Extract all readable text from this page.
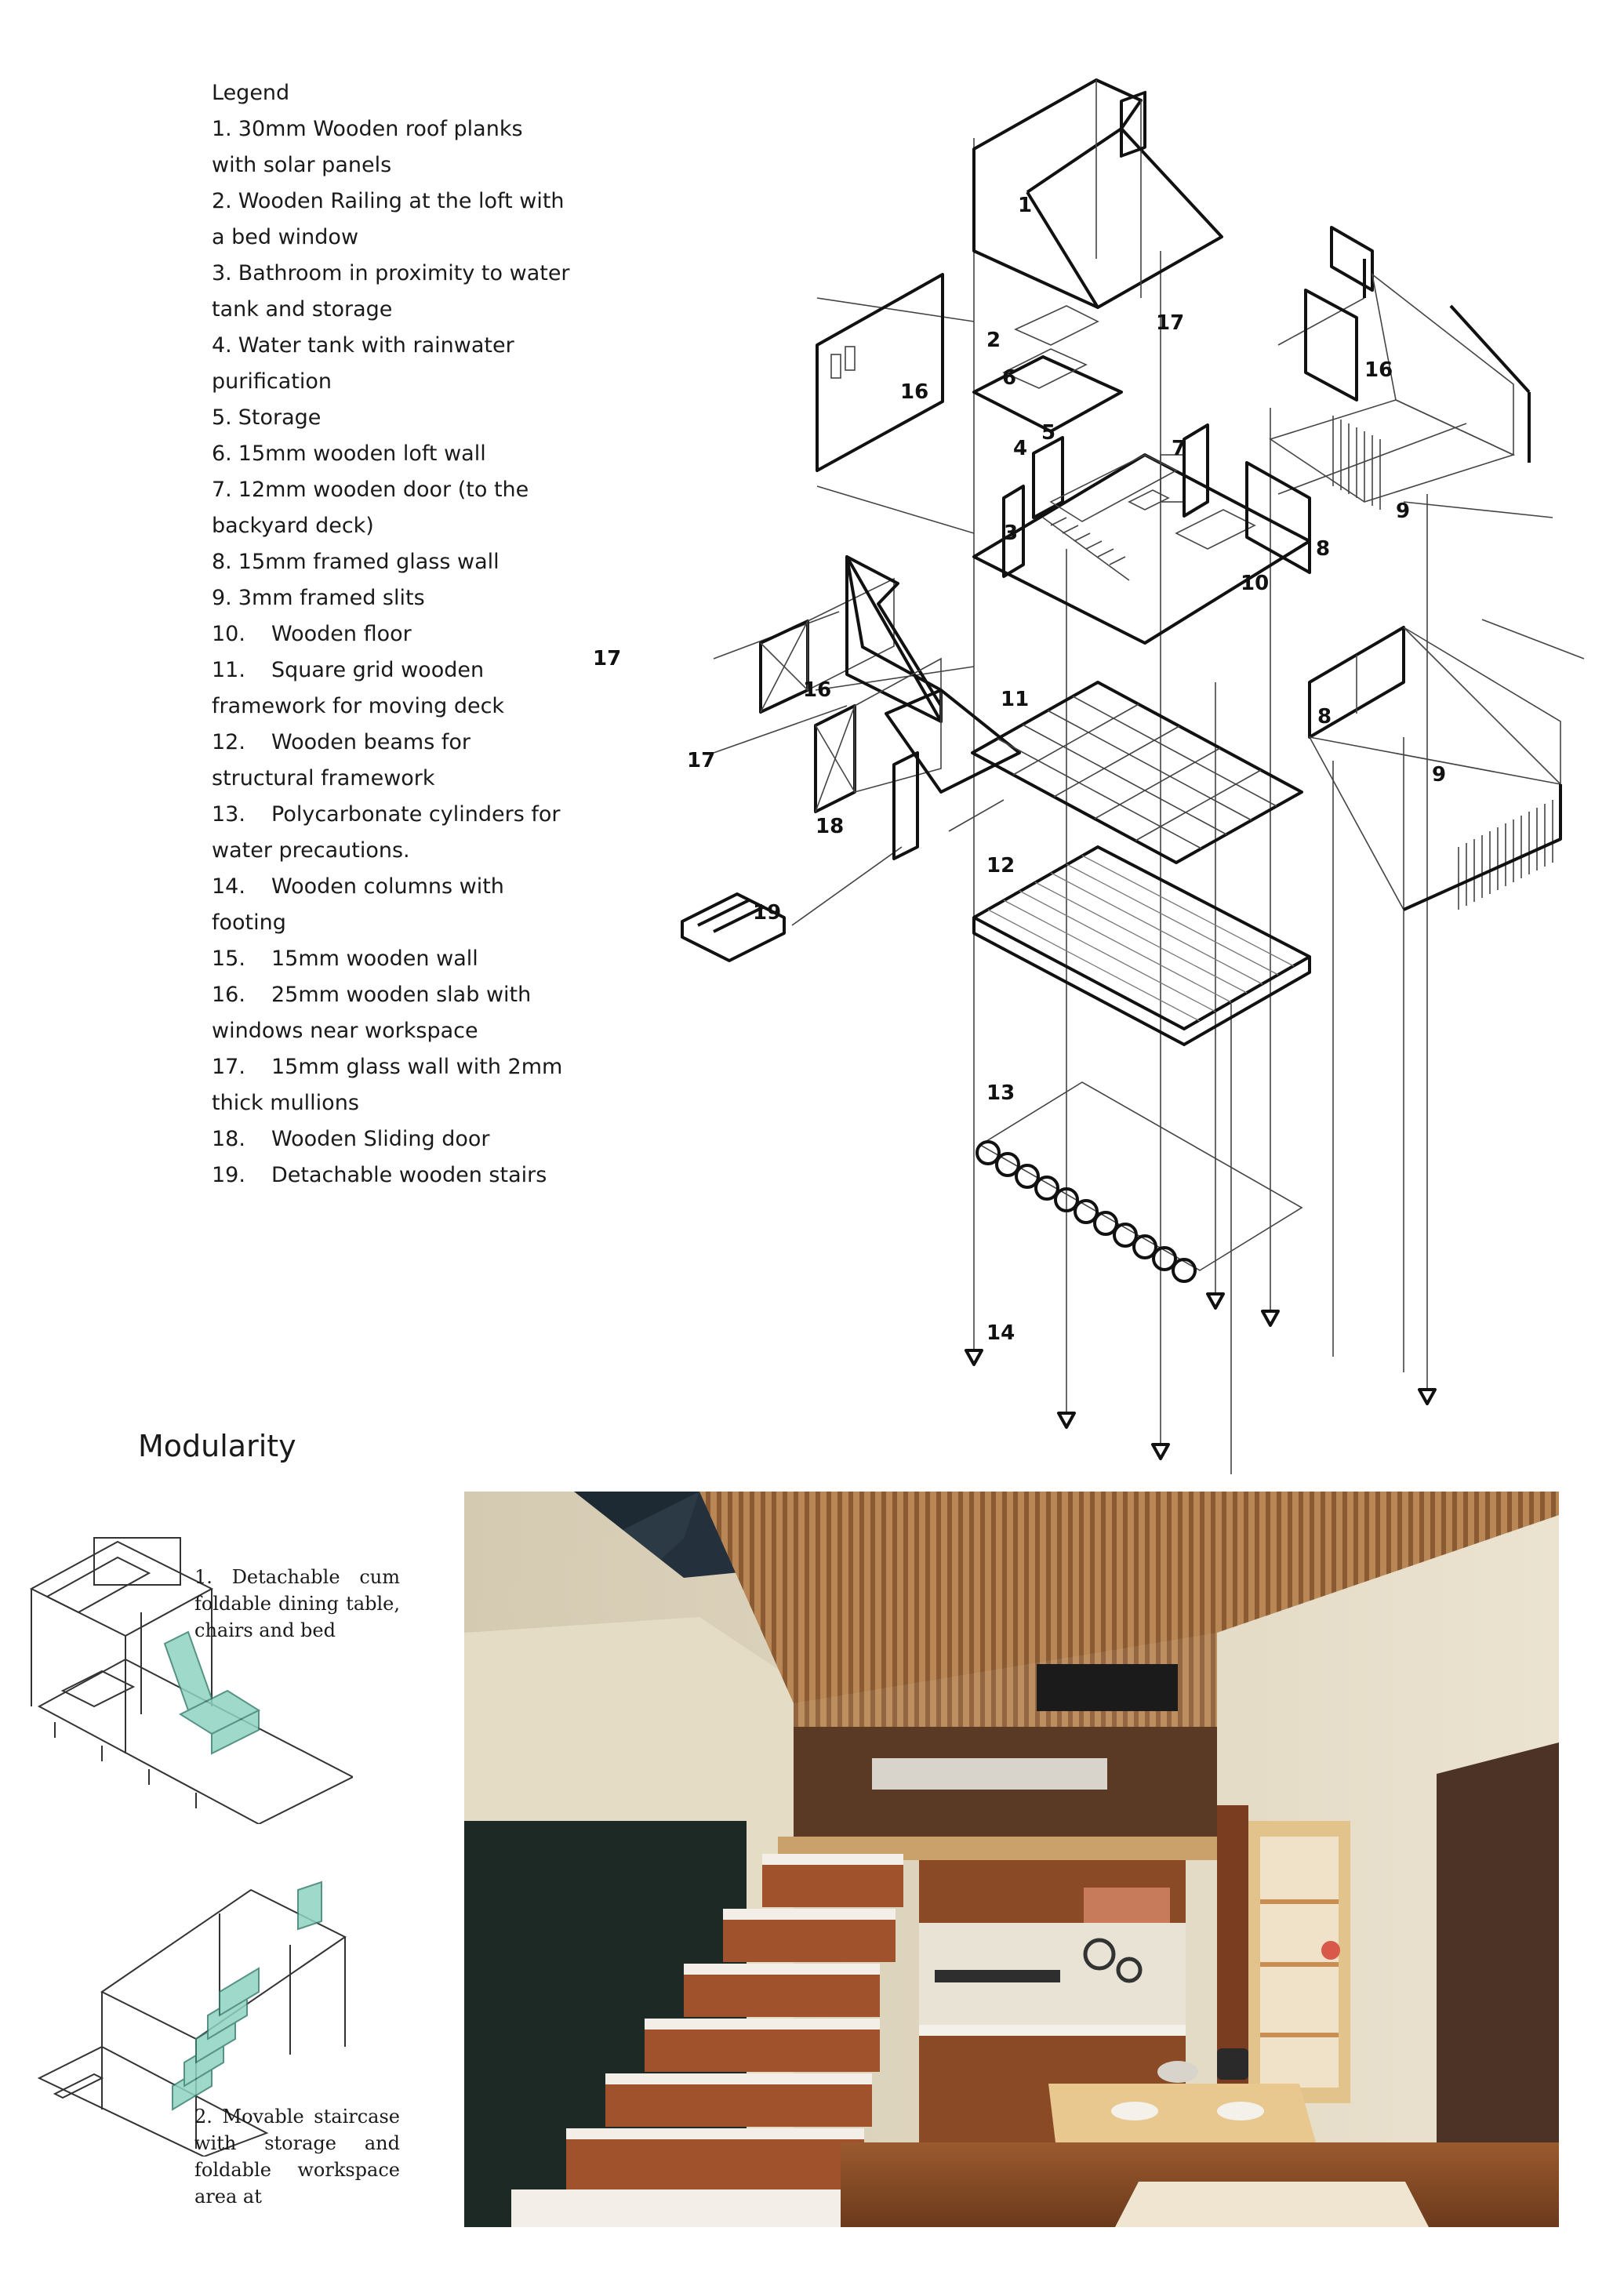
Legend
1. 30mm Wooden roof planks with solar panels
2. Wooden Railing at the loft with a bed window
3. Bathroom in proximity to water tank and storage
4. Water tank with rainwater purification
5. Storage
6. 15mm wooden loft wall
7. 12mm wooden door (to the backyard deck)
8. 15mm framed glass wall
9. 3mm framed slits
10. Wooden floor
11. Square grid wooden framework for moving deck
12. Wooden beams for structural framework
13. Polycarbonate cylinders for water precautions.
14. Wooden columns with footing
15. 15mm wooden wall
16. 25mm wooden slab with windows near workspace
17. 15mm glass wall with 2mm thick mullions
18. Wooden Sliding door
19. Detachable wooden stairs
1
2
3
4
5
6
7
8
8
9
9
10
11
12
13
14
16
16
16
17
17
17
18
19
Modularity
1. Detachable cum foldable dining table, chairs and bed
2. Movable staircase with storage and foldable workspace area at
